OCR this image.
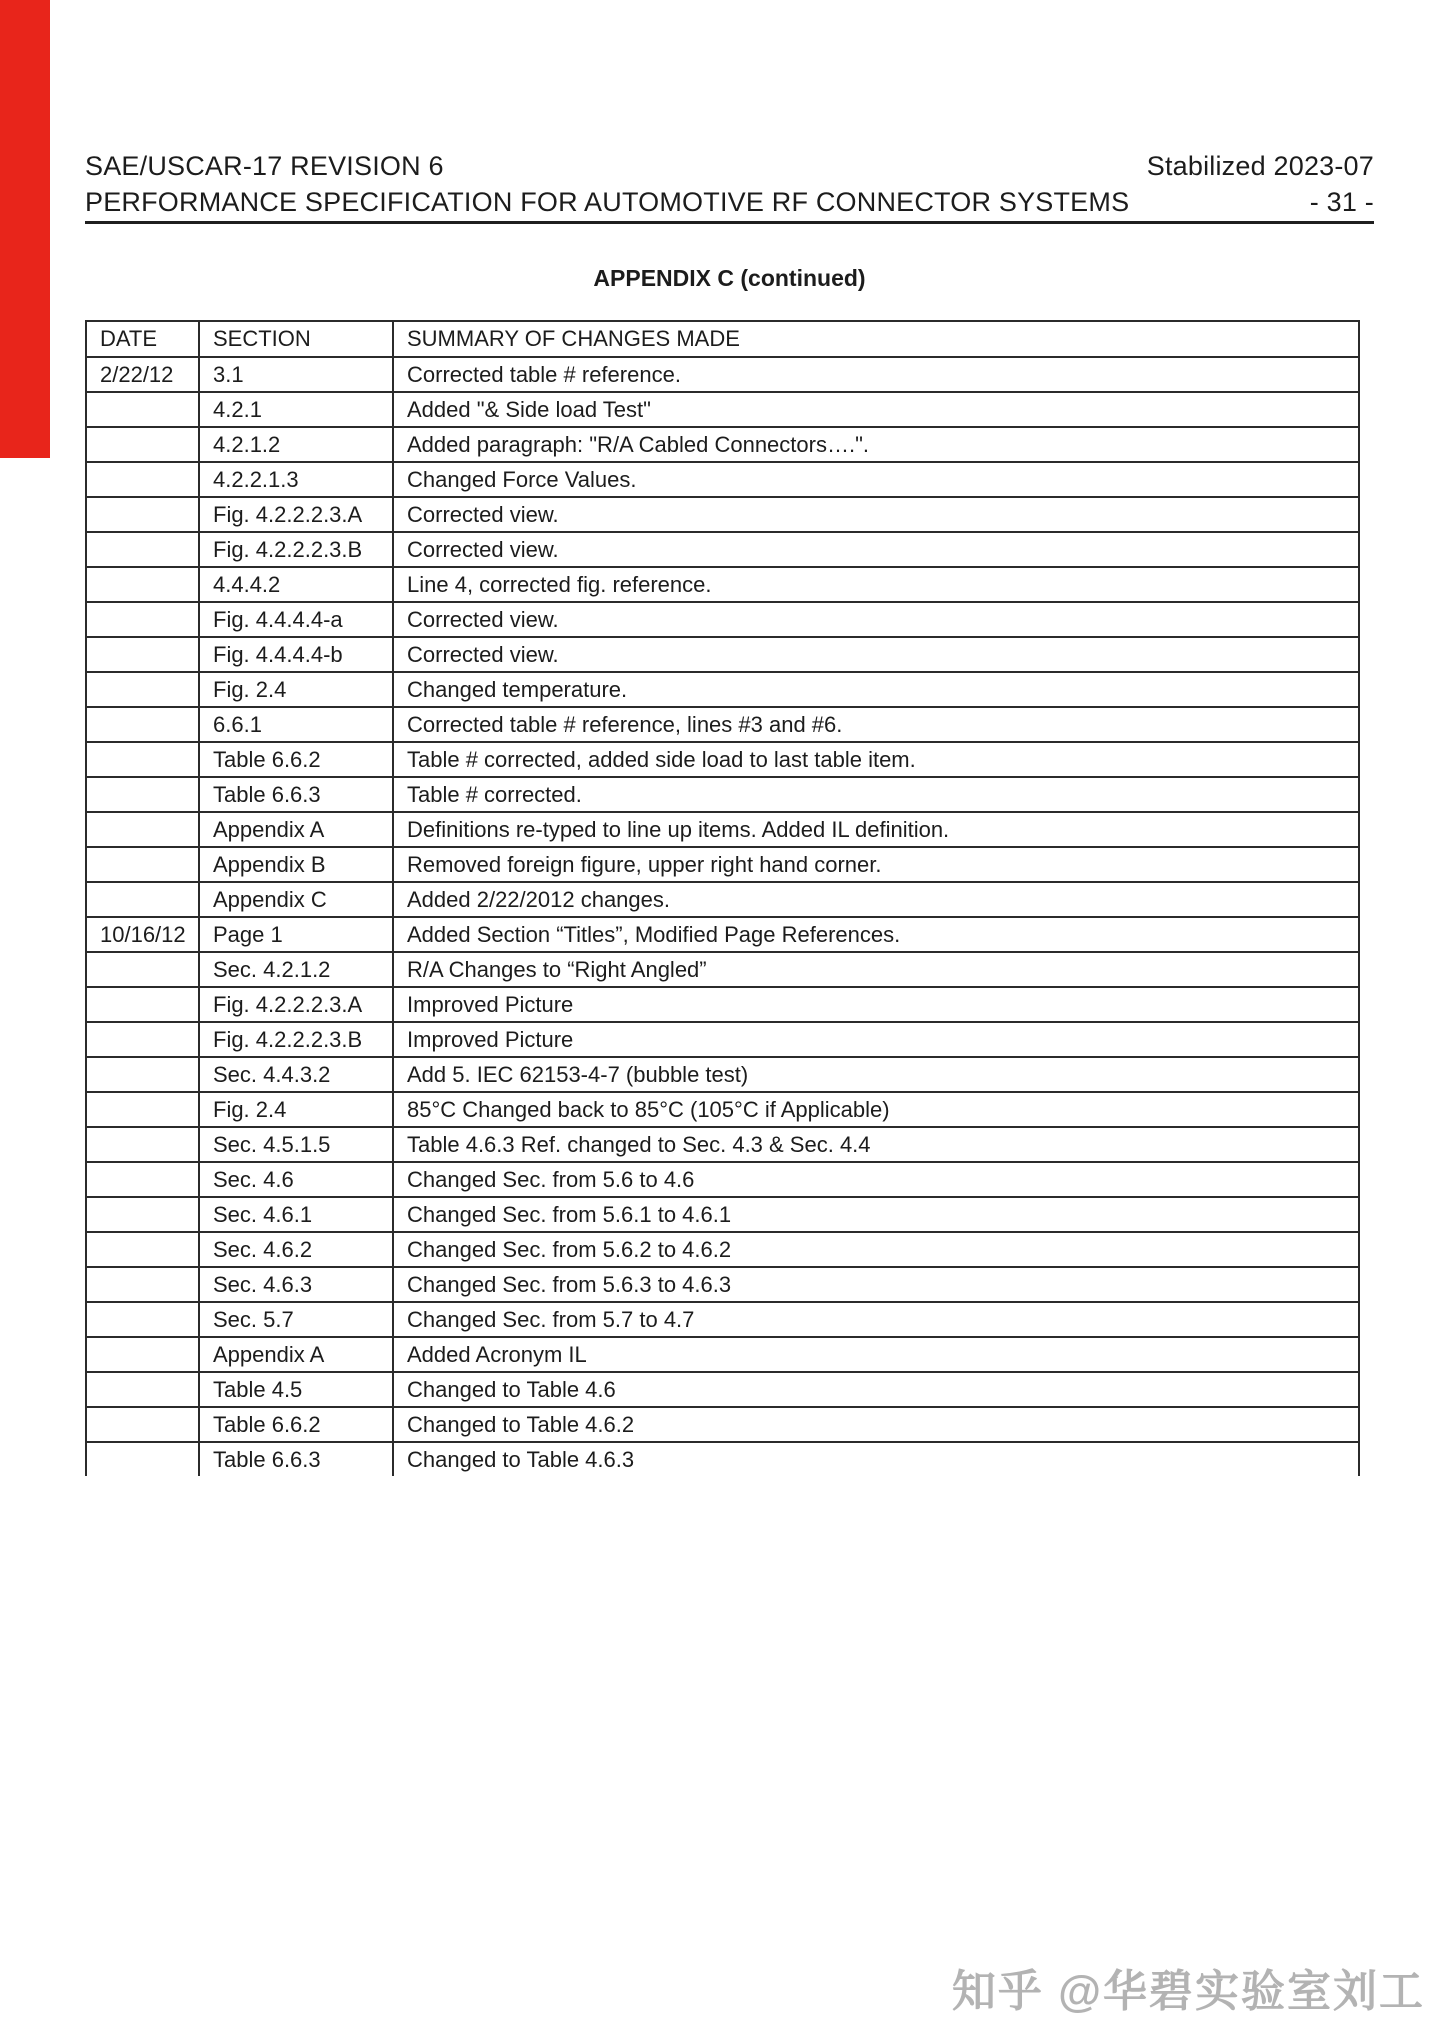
SAE/USCAR-17 REVISION 6	Stabilized 2023-07
PERFORMANCE SPECIFICATION FOR AUTOMOTIVE RF CONNECTOR SYSTEMS	- 31 -
APPENDIX C (continued)
DATE	SECTION	SUMMARY OF CHANGES MADE
2/22/12	3.1	Corrected table # reference.
	4.2.1	Added "& Side load Test"
	4.2.1.2	Added paragraph: "R/A Cabled Connectors….".
	4.2.2.1.3	Changed Force Values.
	Fig. 4.2.2.2.3.A	Corrected view.
	Fig. 4.2.2.2.3.B	Corrected view.
	4.4.4.2	Line 4, corrected fig. reference.
	Fig. 4.4.4.4-a	Corrected view.
	Fig. 4.4.4.4-b	Corrected view.
	Fig. 2.4	Changed temperature.
	6.6.1	Corrected table # reference, lines #3 and #6.
	Table 6.6.2	Table # corrected, added side load to last table item.
	Table 6.6.3	Table # corrected.
	Appendix A	Definitions re-typed to line up items. Added IL definition.
	Appendix B	Removed foreign figure, upper right hand corner.
	Appendix C	Added 2/22/2012 changes.
10/16/12	Page 1	Added Section “Titles”, Modified Page References.
	Sec. 4.2.1.2	R/A Changes to “Right Angled”
	Fig. 4.2.2.2.3.A	Improved Picture
	Fig. 4.2.2.2.3.B	Improved Picture
	Sec. 4.4.3.2	Add 5. IEC 62153-4-7 (bubble test)
	Fig. 2.4	85°C Changed back to 85°C (105°C if Applicable)
	Sec. 4.5.1.5	Table 4.6.3 Ref. changed to Sec. 4.3 & Sec. 4.4
	Sec. 4.6	Changed Sec. from 5.6 to 4.6
	Sec. 4.6.1	Changed Sec. from 5.6.1 to 4.6.1
	Sec. 4.6.2	Changed Sec. from 5.6.2 to 4.6.2
	Sec. 4.6.3	Changed Sec. from 5.6.3 to 4.6.3
	Sec. 5.7	Changed Sec. from 5.7 to 4.7
	Appendix A	Added Acronym IL
	Table 4.5	Changed to Table 4.6
	Table 6.6.2	Changed to Table 4.6.2
	Table 6.6.3	Changed to Table 4.6.3
知乎 @华碧实验室刘工
